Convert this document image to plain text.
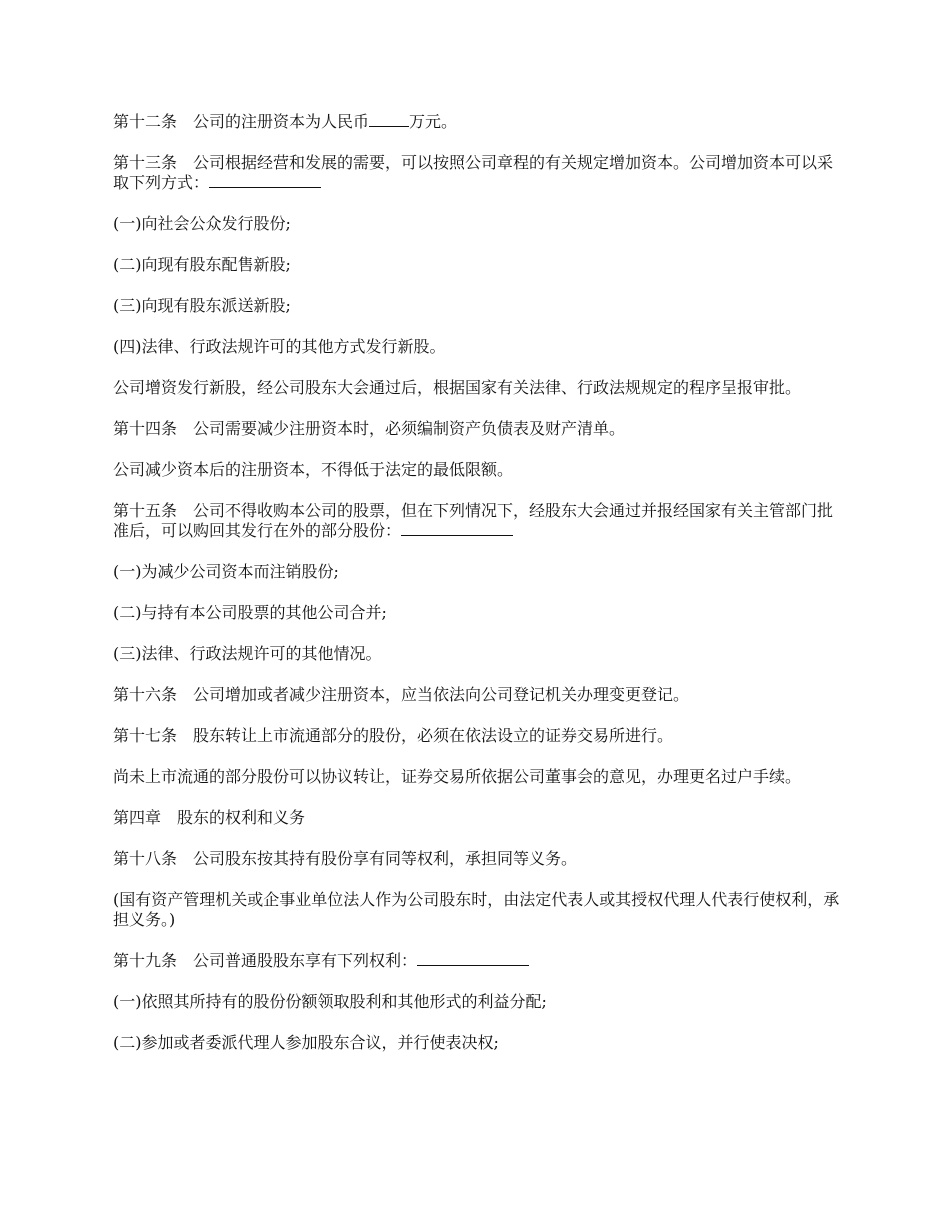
第十二条　公司的注册资本为人民币	万元。

第十三条　公司根据经营和发展的需要，可以按照公司章程的有关规定增加资本。公司增加资本可以采取下列方式：

(一)向社会公众发行股份;

(二)向现有股东配售新股;

(三)向现有股东派送新股;

(四)法律、行政法规许可的其他方式发行新股。

公司增资发行新股，经公司股东大会通过后，根据国家有关法律、行政法规规定的程序呈报审批。

第十四条　公司需要减少注册资本时，必须编制资产负债表及财产清单。

公司减少资本后的注册资本，不得低于法定的最低限额。

第十五条　公司不得收购本公司的股票，但在下列情况下，经股东大会通过并报经国家有关主管部门批准后，可以购回其发行在外的部分股份：

(一)为减少公司资本而注销股份;

(二)与持有本公司股票的其他公司合并;

(三)法律、行政法规许可的其他情况。

第十六条　公司增加或者减少注册资本，应当依法向公司登记机关办理变更登记。

第十七条　股东转让上市流通部分的股份，必须在依法设立的证券交易所进行。

尚未上市流通的部分股份可以协议转让，证券交易所依据公司董事会的意见，办理更名过户手续。

第四章　股东的权利和义务

第十八条　公司股东按其持有股份享有同等权利，承担同等义务。

(国有资产管理机关或企事业单位法人作为公司股东时，由法定代表人或其授权代理人代表行使权利，承担义务。)

第十九条　公司普通股股东享有下列权利：

(一)依照其所持有的股份份额领取股利和其他形式的利益分配;

(二)参加或者委派代理人参加股东合议，并行使表决权;
